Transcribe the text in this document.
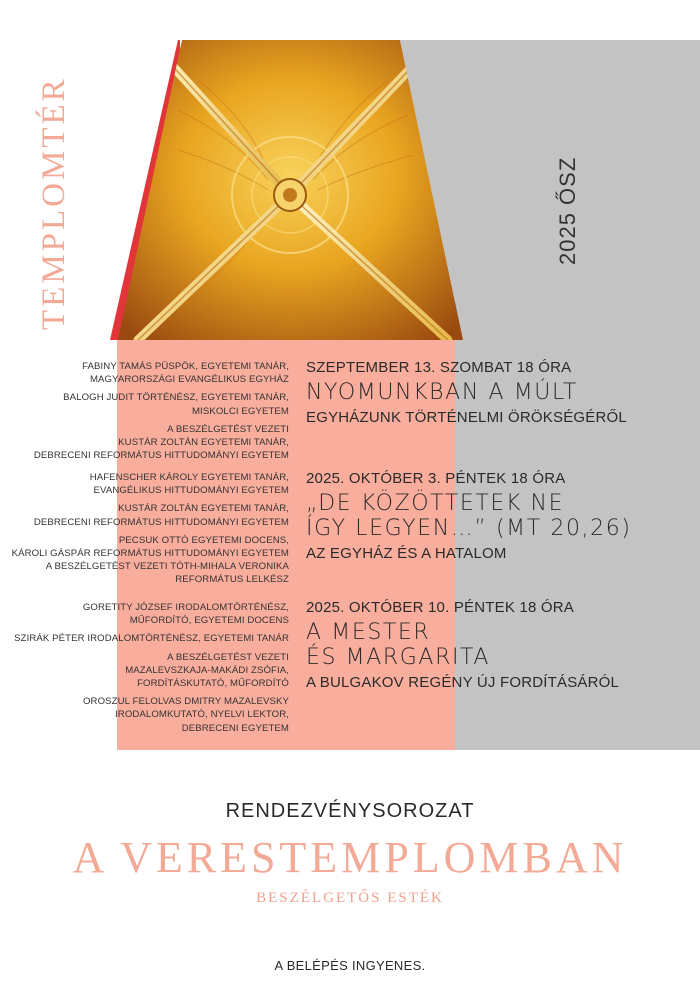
TEMPLOMTÉR	2025 ŐSZ
FABINY TAMÁS PÜSPÖK, EGYETEMI TANÁR,
MAGYARORSZÁGI EVANGÉLIKUS EGYHÁZ
BALOGH JUDIT TÖRTÉNÉSZ, EGYETEMI TANÁR,
MISKOLCI EGYETEM
A BESZÉLGETÉST VEZETI
KUSTÁR ZOLTÁN EGYETEMI TANÁR,
DEBRECENI REFORMÁTUS HITTUDOMÁNYI EGYETEM
HAFENSCHER KÁROLY EGYETEMI TANÁR,
EVANGÉLIKUS HITTUDOMÁNYI EGYETEM
KUSTÁR ZOLTÁN EGYETEMI TANÁR,
DEBRECENI REFORMÁTUS HITTUDOMÁNYI EGYETEM
PECSUK OTTÓ EGYETEMI DOCENS,
KÁROLI GÁSPÁR REFORMÁTUS HITTUDOMÁNYI EGYETEM
A BESZÉLGETÉST VEZETI TÓTH-MIHALA VERONIKA
REFORMÁTUS LELKÉSZ
GORETITY JÓZSEF IRODALOMTÖRTÉNÉSZ,
MŰFORDÍTÓ, EGYETEMI DOCENS
SZIRÁK PÉTER IRODALOMTÖRTÉNÉSZ, EGYETEMI TANÁR
A BESZÉLGETÉST VEZETI
MAZALEVSZKAJA-MAKÁDI ZSÓFIA,
FORDÍTÁSKUTATÓ, MŰFORDÍTÓ
OROSZUL FELOLVAS DMITRY MAZALEVSKY
IRODALOMKUTATÓ, NYELVI LEKTOR,
DEBRECENI EGYETEM
SZEPTEMBER 13. SZOMBAT 18 ÓRA
NYOMUNKBAN A MÚLT
EGYHÁZUNK TÖRTÉNELMI ÖRÖKSÉGÉRŐL
2025. OKTÓBER 3. PÉNTEK 18 ÓRA
„DE KÖZÖTTETEK NE
ÍGY LEGYEN…” (MT 20,26)
AZ EGYHÁZ ÉS A HATALOM
2025. OKTÓBER 10. PÉNTEK 18 ÓRA
A MESTER
ÉS MARGARITA
A BULGAKOV REGÉNY ÚJ FORDÍTÁSÁRÓL
RENDEZVÉNYSOROZAT
A VERESTEMPLOMBAN
BESZÉLGETŐS ESTÉK
A BELÉPÉS INGYENES.
